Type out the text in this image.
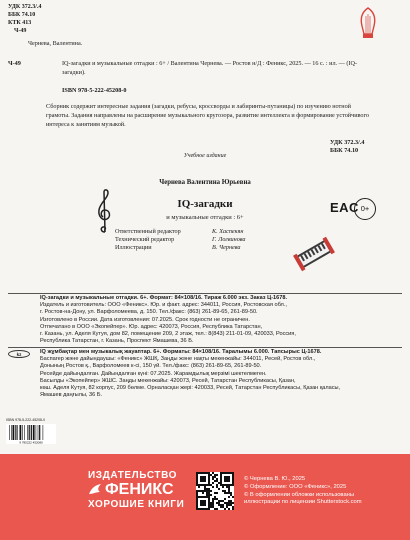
УДК 372.3/.4
ББК 74.10
КТК 413
Ч-49
Чернева, Валентина.
Ч-49	IQ-загадки и музыкальные отгадки : 6+ / Валентина Чернева. — Ростов н/Д : Феникс, 2025. — 16 с. : ил. — (IQ-загадки).
ISBN 978-5-222-45208-0
Сборник содержит интересные задания (загадки, ребусы, кроссворды и лабиринты-путаницы) по изучению нотной грамоты. Задания направлены на расширение музыкального кругозора, развитие интеллекта и формирование устойчивого интереса к занятиям музыкой.
УДК 372.3/.4
ББК 74.10
Учебное издание
Чернева Валентина Юрьевна
IQ-загадки
и музыкальные отгадки : 6+
EAC 0+
Ответственный редактор	К. Хаспекян
Технический редактор	Г. Логвинова
Иллюстрации	В. Чернева
IQ-загадки и музыкальные отгадки. 6+. Формат: 84×108/16. Тираж 6.000 экз. Заказ Ц-1678.
Издатель и изготовитель: ООО «Феникс». Юр. и факт. адрес: 344011, Россия, Ростовская обл.,
г. Ростов-на-Дону, ул. Варфоломеева, д. 150. Тел./факс: (863) 261-89-65, 261-89-50.
Изготовлено в России. Дата изготовления: 07.2025. Срок годности не ограничен.
Отпечатано в ООО «Экопейпер». Юр. адрес: 420073, Россия, Республика Татарстан,
г. Казань, ул. Аделя Кутуя, дом 82, помещение 209, 2 этаж, тел.: 8(843) 211-01-09, 420033, Россия,
Республика Татарстан, г. Казань, Проспект Ямашева, 36 Б.
kz	IQ жұмбақтар мен музыкалық жауаптар. 6+. Форматы: 84×108/16. Таралымы 6.000. Тапсырыс Ц-1678.
Баспагер және дайындаушы: «Феникс» ЖШҚ. Заңды және нақты мекенжайы: 344011, Ресей, Ростов обл.,
Донының Ростов қ., Варфоломеев к-сi, 150 үй. Тел./факс: (863) 261-89-65, 261-89-50.
Ресейде дайындалған. Дайындалған күні: 07.2025. Жарамдылық мерзiмi шектелмеген.
Басылды «Экопейпер» ЖШС. Заңды мекенжайы: 420073, Ресей, Татарстан Республикасы, Қазан,
көш. Аделя Кутуя, 82 корпус, 209 бөлме. Орналасқан жері: 420033, Ресей, Татарстан Республикасы, Қазан қаласы,
Ямашев даңғылы, 36 Б.
ISBN 978-5-222-45208-0
9 785222 452080
ИЗДАТЕЛЬСТВО
ФЕНИКС
ХОРОШИЕ КНИГИ
© Чернева В. Ю., 2025
© Оформление: ООО «Феникс», 2025
© В оформлении обложки использованы
иллюстрации по лицензии Shutterstock.com
